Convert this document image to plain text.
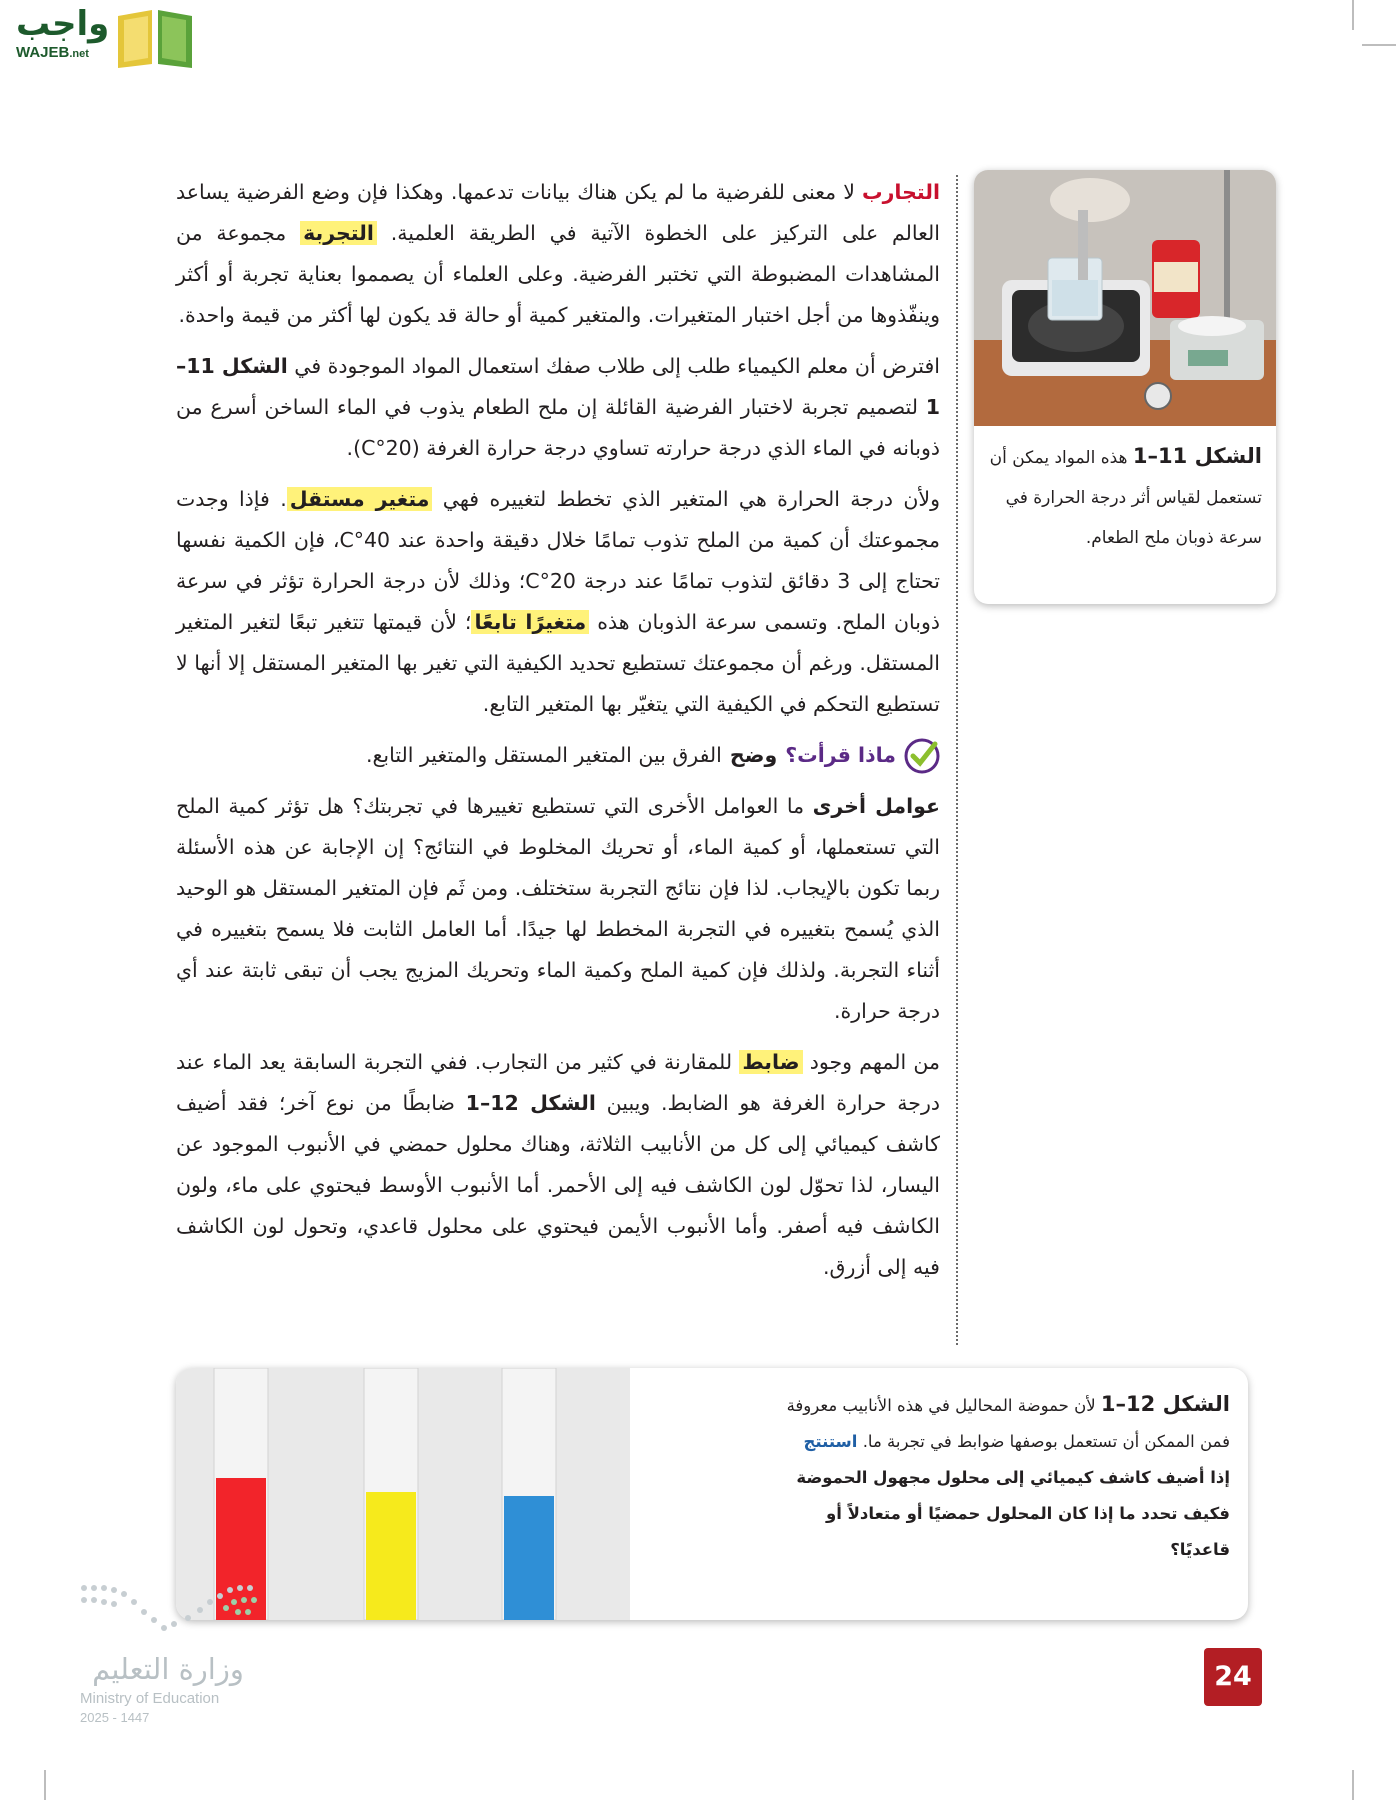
واجب
WAJEB.net

التجارب لا معنى للفرضية ما لم يكن هناك بيانات تدعمها. وهكذا فإن وضع الفرضية يساعد العالم على التركيز على الخطوة الآتية في الطريقة العلمية. التجربة مجموعة من المشاهدات المضبوطة التي تختبر الفرضية. وعلى العلماء أن يصمموا بعناية تجربة أو أكثر وينفّذوها من أجل اختبار المتغيرات. والمتغير كمية أو حالة قد يكون لها أكثر من قيمة واحدة.

افترض أن معلم الكيمياء طلب إلى طلاب صفك استعمال المواد الموجودة في الشكل 11–1 لتصميم تجربة لاختبار الفرضية القائلة إن ملح الطعام يذوب في الماء الساخن أسرع من ذوبانه في الماء الذي درجة حرارته تساوي درجة حرارة الغرفة (20°C).

ولأن درجة الحرارة هي المتغير الذي تخطط لتغييره فهي متغير مستقل. فإذا وجدت مجموعتك أن كمية من الملح تذوب تمامًا خلال دقيقة واحدة عند 40°C، فإن الكمية نفسها تحتاج إلى 3 دقائق لتذوب تمامًا عند درجة 20°C؛ وذلك لأن درجة الحرارة تؤثر في سرعة ذوبان الملح. وتسمى سرعة الذوبان هذه متغيرًا تابعًا؛ لأن قيمتها تتغير تبعًا لتغير المتغير المستقل. ورغم أن مجموعتك تستطيع تحديد الكيفية التي تغير بها المتغير المستقل إلا أنها لا تستطيع التحكم في الكيفية التي يتغيّر بها المتغير التابع.

ماذا قرأت؟
وضح
الفرق بين المتغير المستقل والمتغير التابع.

عوامل أخرى ما العوامل الأخرى التي تستطيع تغييرها في تجربتك؟ هل تؤثر كمية الملح التي تستعملها، أو كمية الماء، أو تحريك المخلوط في النتائج؟ إن الإجابة عن هذه الأسئلة ربما تكون بالإيجاب. لذا فإن نتائج التجربة ستختلف. ومن ثَم فإن المتغير المستقل هو الوحيد الذي يُسمح بتغييره في التجربة المخطط لها جيدًا. أما العامل الثابت فلا يسمح بتغييره في أثناء التجربة. ولذلك فإن كمية الملح وكمية الماء وتحريك المزيج يجب أن تبقى ثابتة عند أي درجة حرارة.

من المهم وجود ضابط للمقارنة في كثير من التجارب. ففي التجربة السابقة يعد الماء عند درجة حرارة الغرفة هو الضابط. ويبين الشكل 12–1 ضابطًا من نوع آخر؛ فقد أضيف كاشف كيميائي إلى كل من الأنابيب الثلاثة، وهناك محلول حمضي في الأنبوب الموجود عن اليسار، لذا تحوّل لون الكاشف فيه إلى الأحمر. أما الأنبوب الأوسط فيحتوي على ماء، ولون الكاشف فيه أصفر. وأما الأنبوب الأيمن فيحتوي على محلول قاعدي، وتحول لون الكاشف فيه إلى أزرق.

الشكل 11–1 هذه المواد يمكن أن تستعمل لقياس أثر درجة الحرارة في سرعة ذوبان ملح الطعام.
الشكل 12–1 لأن حموضة المحاليل في هذه الأنابيب معروفة فمن الممكن أن تستعمل بوصفها ضوابط في تجربة ما. استنتج إذا أضيف كاشف كيميائي إلى محلول مجهول الحموضة فكيف تحدد ما إذا كان المحلول حمضيًا أو متعادلاً أو قاعديًا؟
وزارة التعليم
Ministry of Education
2025 - 1447
24
